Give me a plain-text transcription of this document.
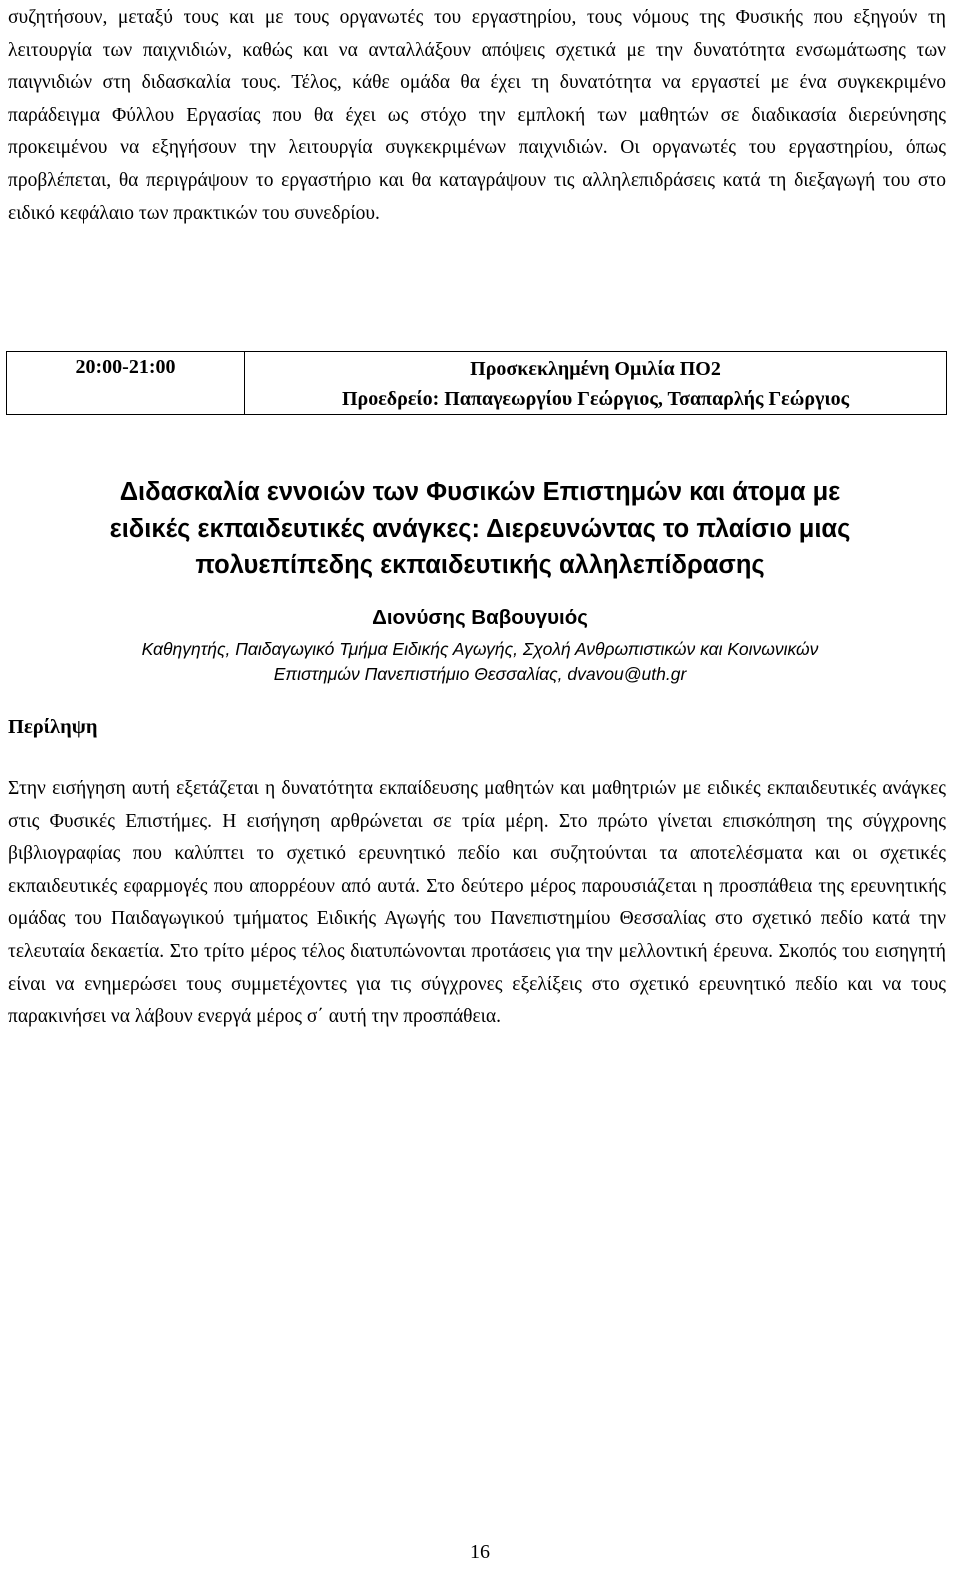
συζητήσουν, μεταξύ τους και με τους οργανωτές του εργαστηρίου, τους νόμους της Φυσικής που εξηγούν τη λειτουργία των παιχνιδιών, καθώς και να ανταλλάξουν απόψεις σχετικά με την δυνατότητα ενσωμάτωσης των παιγνιδιών στη διδασκαλία τους. Τέλος, κάθε ομάδα θα έχει τη δυνατότητα να εργαστεί με ένα συγκεκριμένο παράδειγμα Φύλλου Εργασίας που θα έχει ως στόχο την εμπλοκή των μαθητών σε διαδικασία διερεύνησης προκειμένου να εξηγήσουν την λειτουργία συγκεκριμένων παιχνιδιών. Οι οργανωτές του εργαστηρίου, όπως προβλέπεται, θα περιγράψουν το εργαστήριο και θα καταγράψουν τις αλληλεπιδράσεις κατά τη διεξαγωγή του στο ειδικό κεφάλαιο των πρακτικών του συνεδρίου.

20:00-21:00	Προσκεκλημένη Ομιλία ΠΟ2
Προεδρείο: Παπαγεωργίου Γεώργιος, Τσαπαρλής Γεώργιος
Διδασκαλία εννοιών των Φυσικών Επιστημών και άτομα με
ειδικές εκπαιδευτικές ανάγκες: Διερευνώντας το πλαίσιο μιας
πολυεπίπεδης εκπαιδευτικής αλληλεπίδρασης

Διονύσης Βαβουγυιός

Καθηγητής, Παιδαγωγικό Τμήμα Ειδικής Αγωγής, Σχολή Ανθρωπιστικών και Κοινωνικών
Επιστημών Πανεπιστήμιο Θεσσαλίας, dvavou@uth.gr
Περίληψη

Στην εισήγηση αυτή εξετάζεται η δυνατότητα εκπαίδευσης μαθητών και μαθητριών με ειδικές εκπαιδευτικές ανάγκες στις Φυσικές Επιστήμες. Η εισήγηση αρθρώνεται σε τρία μέρη. Στο πρώτο γίνεται επισκόπηση της σύγχρονης βιβλιογραφίας που καλύπτει το σχετικό ερευνητικό πεδίο και συζητούνται τα αποτελέσματα και οι σχετικές εκπαιδευτικές εφαρμογές που απορρέουν από αυτά. Στο δεύτερο μέρος παρουσιάζεται η προσπάθεια της ερευνητικής ομάδας του Παιδαγωγικού τμήματος Ειδικής Αγωγής του Πανεπιστημίου Θεσσαλίας στο σχετικό πεδίο κατά την τελευταία δεκαετία. Στο τρίτο μέρος τέλος διατυπώνονται προτάσεις για την μελλοντική έρευνα. Σκοπός του εισηγητή είναι να ενημερώσει τους συμμετέχοντες για τις σύγχρονες εξελίξεις στο σχετικό ερευνητικό πεδίο και να τους παρακινήσει να λάβουν ενεργά μέρος σ΄ αυτή την προσπάθεια.

16
